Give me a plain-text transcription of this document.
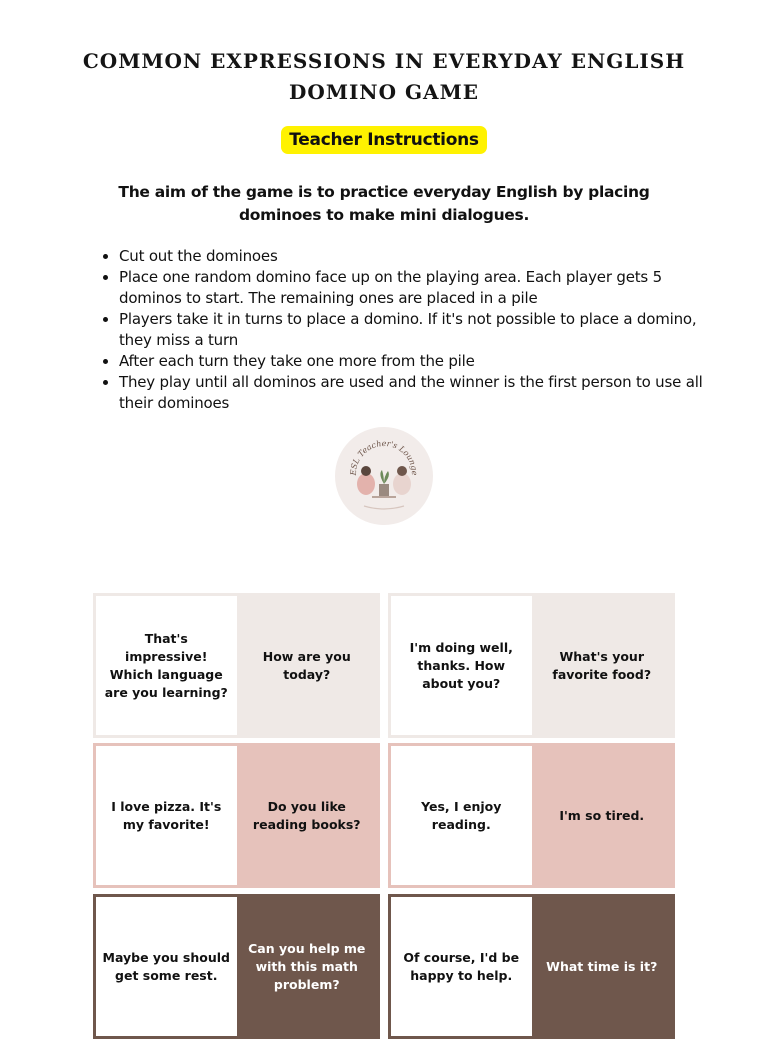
COMMON EXPRESSIONS IN EVERYDAY ENGLISH
DOMINO GAME
Teacher Instructions
The aim of the game is to practice everyday English by placing
dominoes to make mini dialogues.
• Cut out the dominoes
• Place one random domino face up on the playing area. Each player gets 5 dominos to start. The remaining ones are placed in a pile
• Players take it in turns to place a domino. If it's not possible to place a domino, they miss a turn
• After each turn they take one more from the pile
• They play until all dominos are used and the winner is the first person to use all their dominoes
ESL Teacher's Lounge
That's impressive! Which language are you learning?
How are you today?
I'm doing well, thanks. How about you?
What's your favorite food?
I love pizza. It's my favorite!
Do you like reading books?
Yes, I enjoy reading.
I'm so tired.
Maybe you should get some rest.
Can you help me with this math problem?
Of course, I'd be happy to help.
What time is it?
